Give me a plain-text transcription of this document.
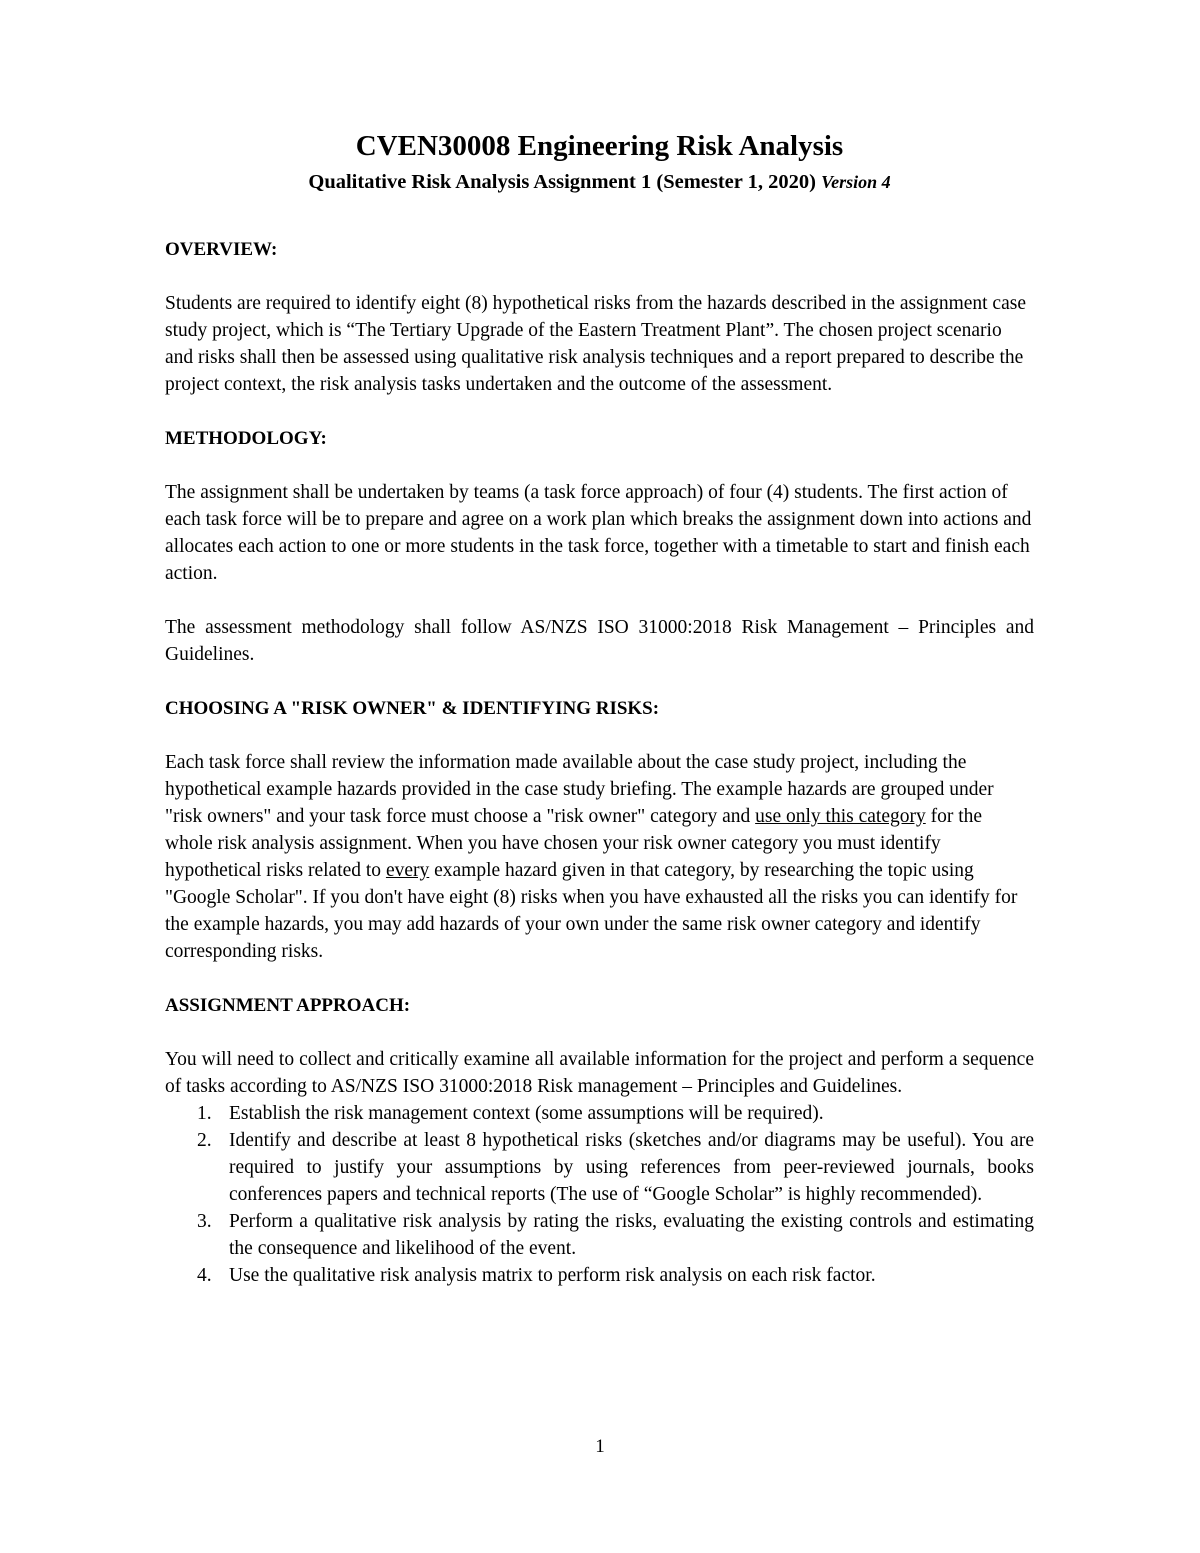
CVEN30008 Engineering Risk Analysis

Qualitative Risk Analysis Assignment 1 (Semester 1, 2020) Version 4

OVERVIEW:

Students are required to identify eight (8) hypothetical risks from the hazards described in the assignment case study project, which is “The Tertiary Upgrade of the Eastern Treatment Plant”. The chosen project scenario and risks shall then be assessed using qualitative risk analysis techniques and a report prepared to describe the project context, the risk analysis tasks undertaken and the outcome of the assessment.

METHODOLOGY:

The assignment shall be undertaken by teams (a task force approach) of four (4) students. The first action of each task force will be to prepare and agree on a work plan which breaks the assignment down into actions and allocates each action to one or more students in the task force, together with a timetable to start and finish each action.

The assessment methodology shall follow AS/NZS ISO 31000:2018 Risk Management – Principles and Guidelines.

CHOOSING A "RISK OWNER" & IDENTIFYING RISKS:

Each task force shall review the information made available about the case study project, including the hypothetical example hazards provided in the case study briefing. The example hazards are grouped under "risk owners" and your task force must choose a "risk owner" category and use only this category for the whole risk analysis assignment. When you have chosen your risk owner category you must identify hypothetical risks related to every example hazard given in that category, by researching the topic using "Google Scholar". If you don't have eight (8) risks when you have exhausted all the risks you can identify for the example hazards, you may add hazards of your own under the same risk owner category and identify corresponding risks.

ASSIGNMENT APPROACH:

You will need to collect and critically examine all available information for the project and perform a sequence of tasks according to AS/NZS ISO 31000:2018 Risk management – Principles and Guidelines.

1. Establish the risk management context (some assumptions will be required).
2. Identify and describe at least 8 hypothetical risks (sketches and/or diagrams may be useful). You are required to justify your assumptions by using references from peer-reviewed journals, books conferences papers and technical reports (The use of “Google Scholar” is highly recommended).
3. Perform a qualitative risk analysis by rating the risks, evaluating the existing controls and estimating the consequence and likelihood of the event.
4. Use the qualitative risk analysis matrix to perform risk analysis on each risk factor.
1
